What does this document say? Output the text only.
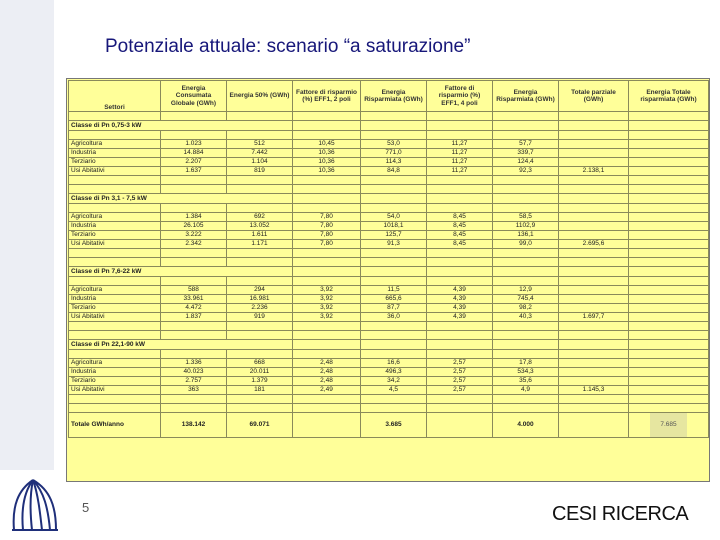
Potenziale attuale: scenario “a saturazione”
Settori	Energia Consumata Globale (GWh)	Energia 50% (GWh)	Fattore di risparmio (%) EFF1, 2 poli	Energia Risparmiata (GWh)	Fattore di risparmio (%) EFF1, 4 poli	Energia Risparmiata (GWh)	Totale parziale (GWh)	Energia Totale risparmiata (GWh)

Classe di Pn 0,75-3 kW								

Agricoltura	1.023	512	10,45	53,0	11,27	57,7		
Industria	14.884	7.442	10,36	771,0	11,27	339,7		
Terziario	2.207	1.104	10,36	114,3	11,27	124,4		
Usi Abitativi	1.637	819	10,36	84,8	11,27	92,3	2.138,1	

Classe di Pn 3,1 - 7,5 kW								

Agricoltura	1.384	692	7,80	54,0	8,45	58,5		
Industria	26.105	13.052	7,80	1018,1	8,45	1102,9		
Terziario	3.222	1.611	7,80	125,7	8,45	136,1		
Usi Abitativi	2.342	1.171	7,80	91,3	8,45	99,0	2.695,6	

Classe di Pn 7,6-22 kW								

Agricoltura	588	294	3,92	11,5	4,39	12,9		
Industria	33.961	16.981	3,92	665,6	4,39	745,4		
Terziario	4.472	2.236	3,92	87,7	4,39	98,2		
Usi Abitativi	1.837	919	3,92	36,0	4,39	40,3	1.697,7	

Classe di Pn 22,1-90 kW								

Agricoltura	1.336	668	2,48	16,6	2,57	17,8		
Industria	40.023	20.011	2,48	496,3	2,57	534,3		
Terziario	2.757	1.379	2,48	34,2	2,57	35,6		
Usi Abitativi	363	181	2,49	4,5	2,57	4,9	1.145,3	

Totale GWh/anno	138.142	69.071		3.685		4.000		7.685
5	CESI RICERCA
